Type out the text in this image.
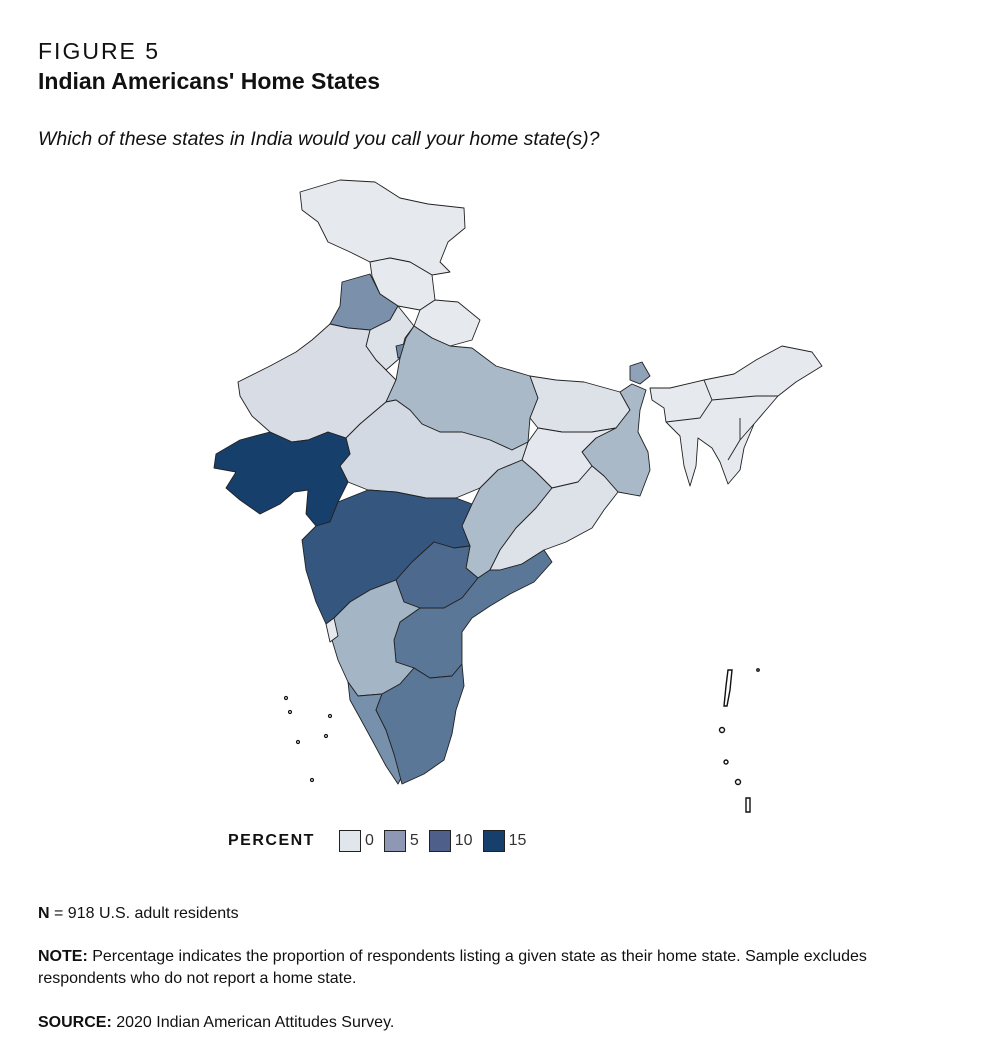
FIGURE 5
Indian Americans' Home States
Which of these states in India would you call your home state(s)?
PERCENT	0 5 10 15
N = 918 U.S. adult residents
NOTE: Percentage indicates the proportion of respondents listing a given state as their home state. Sample excludes respondents who do not report a home state.
SOURCE: 2020 Indian American Attitudes Survey.
